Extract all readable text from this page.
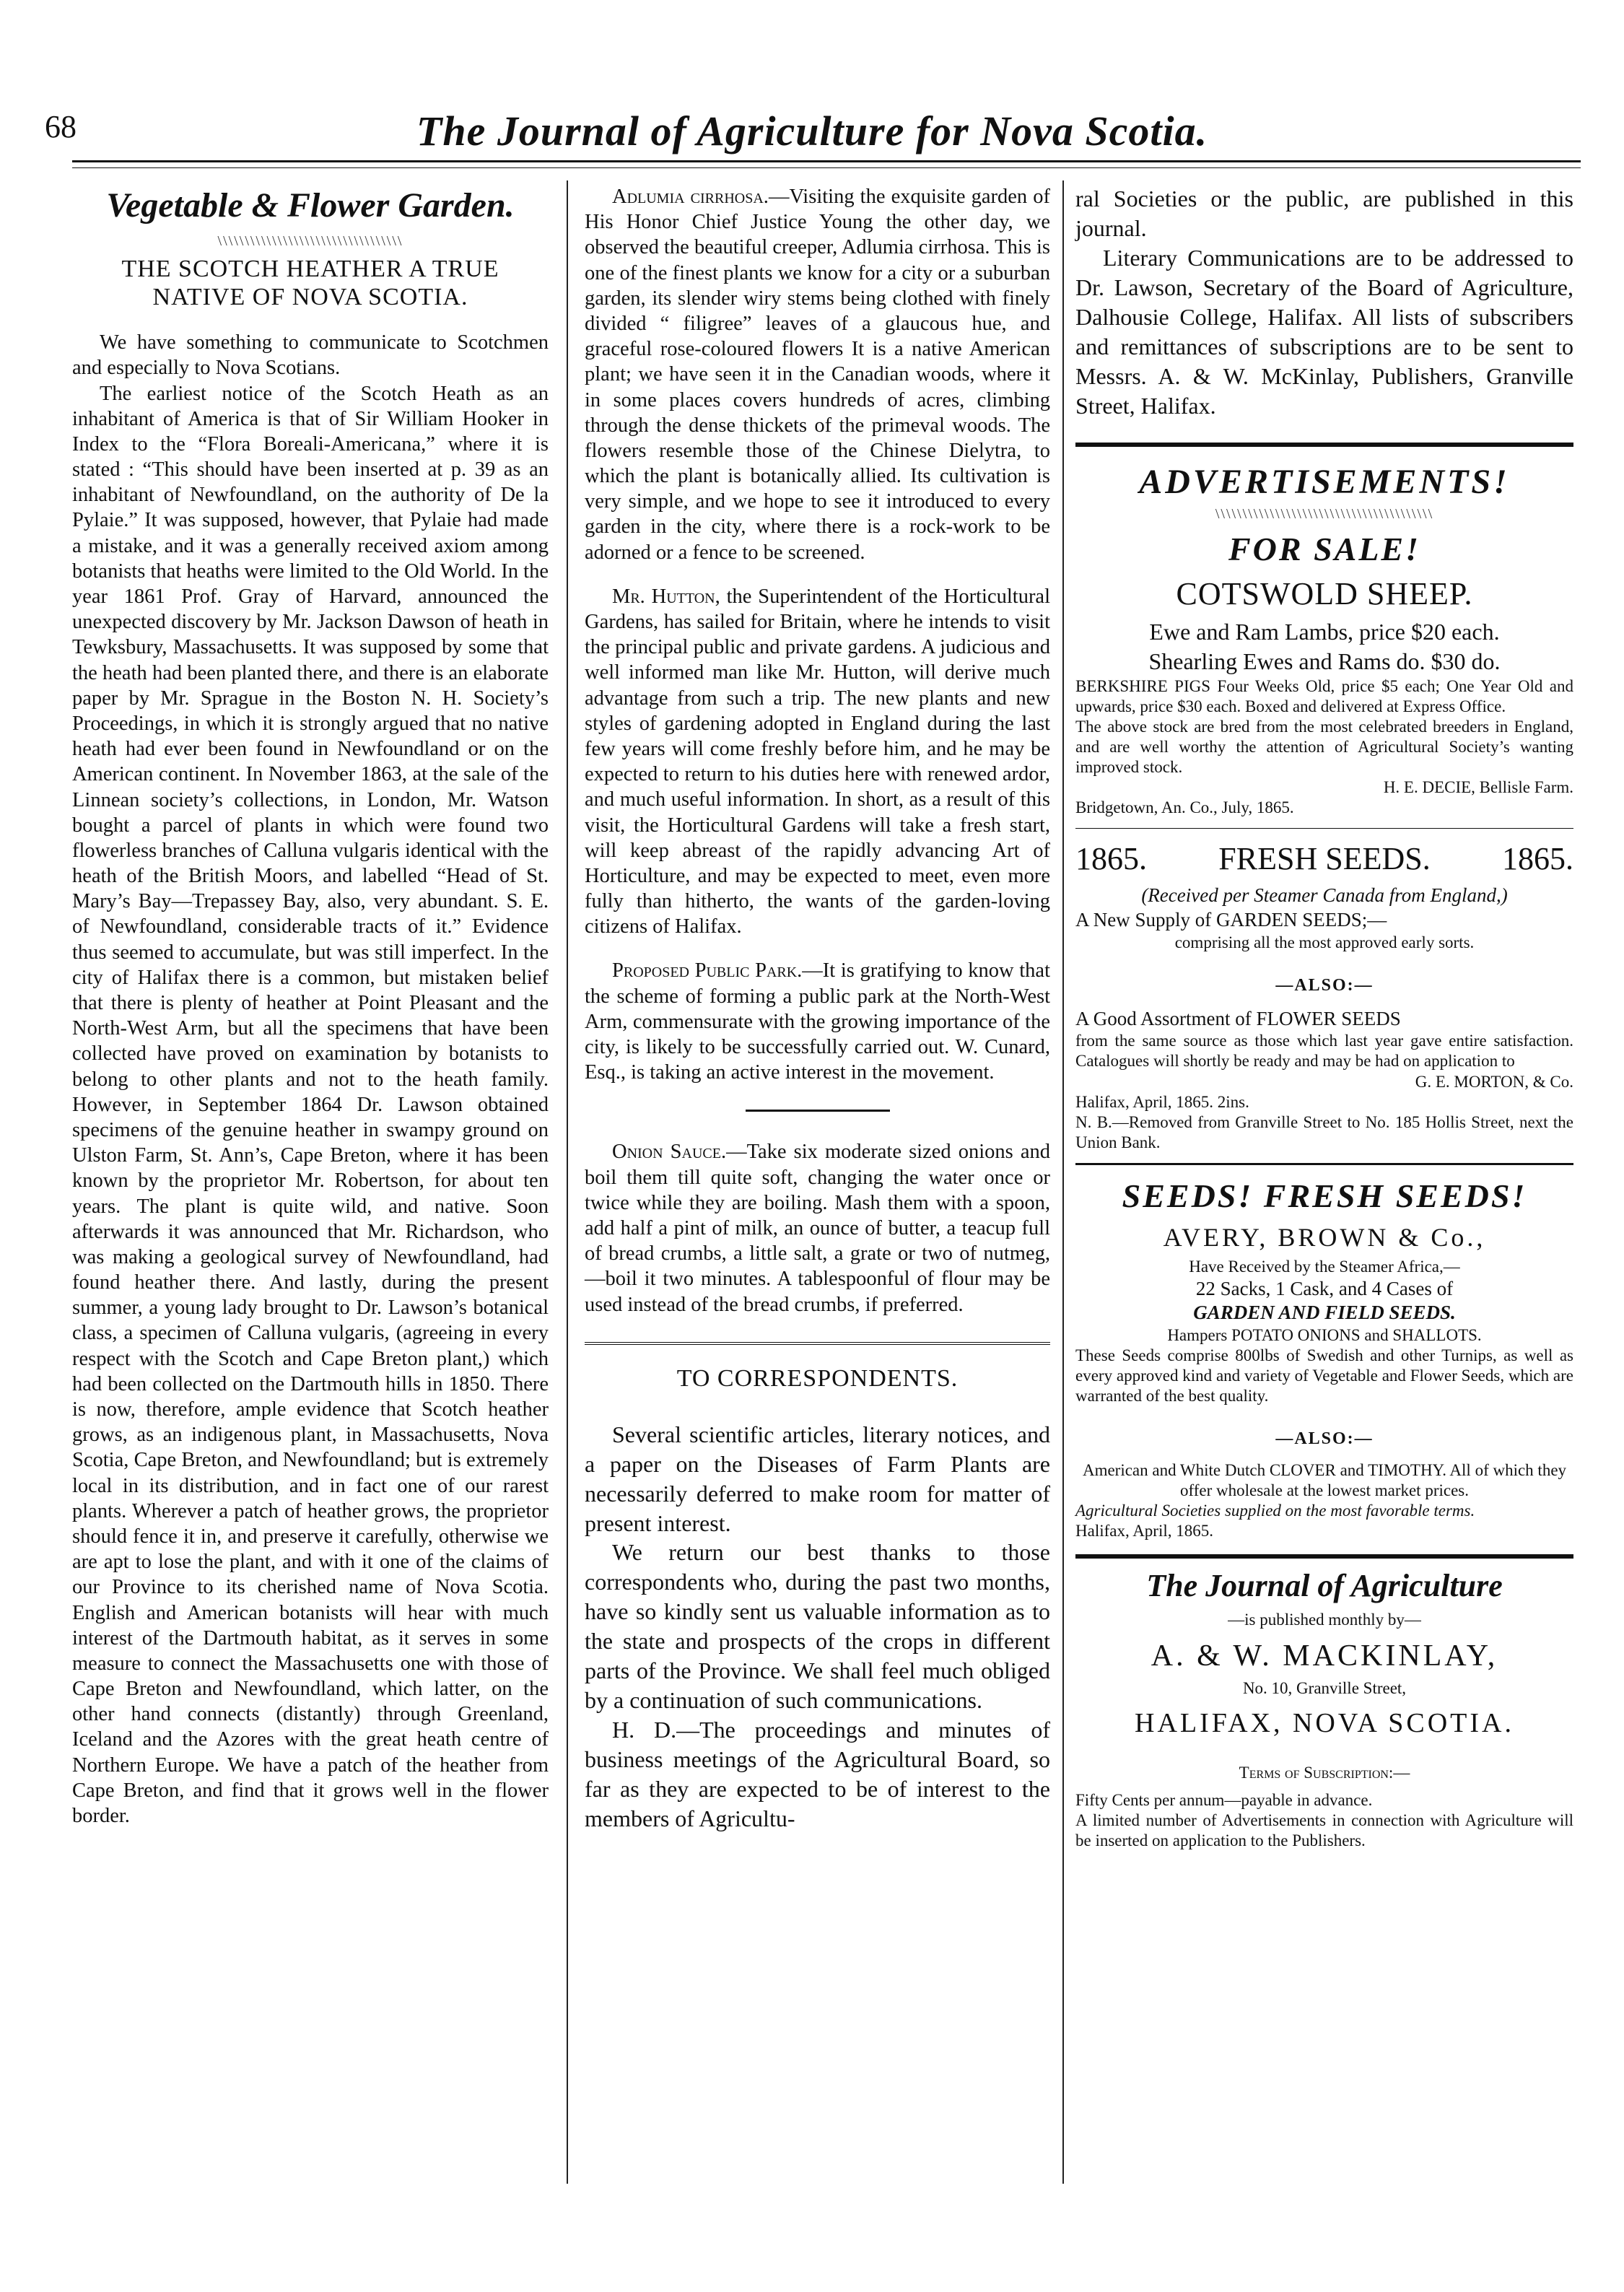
68	The Journal of Agriculture for Nova Scotia.
Vegetable & Flower Garden.
\\\\\\\\\\\\\\\\\\\\\\\\\\\\\\\\\\
THE SCOTCH HEATHER A TRUE
NATIVE OF NOVA SCOTIA.

We have something to communicate to Scotchmen and especially to Nova Scotians.

The earliest notice of the Scotch Heath as an inhabitant of America is that of Sir William Hooker in Index to the “Flora Boreali-Americana,” where it is stated : “This should have been inserted at p. 39 as an inhabitant of Newfoundland, on the authority of De la Pylaie.” It was supposed, however, that Pylaie had made a mistake, and it was a generally received axiom among botanists that heaths were limited to the Old World. In the year 1861 Prof. Gray of Harvard, announced the unexpected discovery by Mr. Jackson Dawson of heath in Tewksbury, Massachusetts. It was supposed by some that the heath had been planted there, and there is an elaborate paper by Mr. Sprague in the Boston N. H. Society’s Proceedings, in which it is strongly argued that no native heath had ever been found in Newfoundland or on the American continent. In November 1863, at the sale of the Linnean society’s collections, in London, Mr. Watson bought a parcel of plants in which were found two flowerless branches of Calluna vulgaris identical with the heath of the British Moors, and labelled “Head of St. Mary’s Bay—Trepassey Bay, also, very abundant. S. E. of Newfoundland, considerable tracts of it.” Evidence thus seemed to accumulate, but was still imperfect. In the city of Halifax there is a common, but mistaken belief that there is plenty of heather at Point Pleasant and the North-West Arm, but all the specimens that have been collected have proved on examination by botanists to belong to other plants and not to the heath family. However, in September 1864 Dr. Lawson obtained specimens of the genuine heather in swampy ground on Ulston Farm, St. Ann’s, Cape Breton, where it has been known by the proprietor Mr. Robertson, for about ten years. The plant is quite wild, and native. Soon afterwards it was announced that Mr. Richardson, who was making a geological survey of Newfoundland, had found heather there. And lastly, during the present summer, a young lady brought to Dr. Lawson’s botanical class, a specimen of Calluna vulgaris, (agreeing in every respect with the Scotch and Cape Breton plant,) which had been collected on the Dartmouth hills in 1850. There is now, therefore, ample evidence that Scotch heather grows, as an indigenous plant, in Massachusetts, Nova Scotia, Cape Breton, and Newfoundland; but is extremely local in its distribution, and in fact one of our rarest plants. Wherever a patch of heather grows, the proprietor should fence it in, and preserve it carefully, otherwise we are apt to lose the plant, and with it one of the claims of our Province to its cherished name of Nova Scotia. English and American botanists will hear with much interest of the Dartmouth habitat, as it serves in some measure to connect the Massachusetts one with those of Cape Breton and Newfoundland, which latter, on the other hand connects (distantly) through Greenland, Iceland and the Azores with the great heath centre of Northern Europe. We have a patch of the heather from Cape Breton, and find that it grows well in the flower border.

Adlumia cirrhosa.—Visiting the exquisite garden of His Honor Chief Justice Young the other day, we observed the beautiful creeper, Adlumia cirrhosa. This is one of the finest plants we know for a city or a suburban garden, its slender wiry stems being clothed with finely divided “ filigree” leaves of a glaucous hue, and graceful rose-coloured flowers It is a native American plant; we have seen it in the Canadian woods, where it in some places covers hundreds of acres, climbing through the dense thickets of the primeval woods. The flowers resemble those of the Chinese Dielytra, to which the plant is botanically allied. Its cultivation is very simple, and we hope to see it introduced to every garden in the city, where there is a rock-work to be adorned or a fence to be screened.

Mr. Hutton, the Superintendent of the Horticultural Gardens, has sailed for Britain, where he intends to visit the principal public and private gardens. A judicious and well informed man like Mr. Hutton, will derive much advantage from such a trip. The new plants and new styles of gardening adopted in England during the last few years will come freshly before him, and he may be expected to return to his duties here with renewed ardor, and much useful information. In short, as a result of this visit, the Horticultural Gardens will take a fresh start, will keep abreast of the rapidly advancing Art of Horticulture, and may be expected to meet, even more fully than hitherto, the wants of the garden-loving citizens of Halifax.

Proposed Public Park.—It is gratifying to know that the scheme of forming a public park at the North-West Arm, commensurate with the growing importance of the city, is likely to be successfully carried out. W. Cunard, Esq., is taking an active interest in the movement.

Onion Sauce.—Take six moderate sized onions and boil them till quite soft, changing the water once or twice while they are boiling. Mash them with a spoon, add half a pint of milk, an ounce of butter, a teacup full of bread crumbs, a little salt, a grate or two of nutmeg,—boil it two minutes. A tablespoonful of flour may be used instead of the bread crumbs, if preferred.

TO CORRESPONDENTS.

Several scientific articles, literary notices, and a paper on the Diseases of Farm Plants are necessarily deferred to make room for matter of present interest.

We return our best thanks to those correspondents who, during the past two months, have so kindly sent us valuable information as to the state and prospects of the crops in different parts of the Province. We shall feel much obliged by a continuation of such communications.

H. D.—The proceedings and minutes of business meetings of the Agricultural Board, so far as they are expected to be of interest to the members of Agricultu-

ral Societies or the public, are published in this journal.

Literary Communications are to be addressed to Dr. Lawson, Secretary of the Board of Agriculture, Dalhousie College, Halifax. All lists of subscribers and remittances of subscriptions are to be sent to Messrs. A. & W. McKinlay, Publishers, Granville Street, Halifax.

ADVERTISEMENTS!
\\\\\\\\\\\\\\\\\\\\\\\\\\\\\\\\\\\\\\\\
FOR SALE!
COTSWOLD SHEEP.
Ewe and Ram Lambs, price $20 each.
Shearling Ewes and Rams do. $30 do.
BERKSHIRE PIGS Four Weeks Old, price $5 each; One Year Old and upwards, price $30 each. Boxed and delivered at Express Office.
The above stock are bred from the most celebrated breeders in England, and are well worthy the attention of Agricultural Society’s wanting improved stock.
H. E. DECIE, Bellisle Farm.
Bridgetown, An. Co., July, 1865.
1865. FRESH SEEDS. 1865.
(Received per Steamer Canada from England,)
A New Supply of GARDEN SEEDS;—
comprising all the most approved early sorts.
—ALSO:—
A Good Assortment of FLOWER SEEDS
from the same source as those which last year gave entire satisfaction. Catalogues will shortly be ready and may be had on application to
G. E. MORTON, & Co.
Halifax, April, 1865. 2ins.
N. B.—Removed from Granville Street to No. 185 Hollis Street, next the Union Bank.
SEEDS! FRESH SEEDS!
AVERY, BROWN & Co.,
Have Received by the Steamer Africa,—
22 Sacks, 1 Cask, and 4 Cases of
GARDEN AND FIELD SEEDS.
Hampers POTATO ONIONS and SHALLOTS.
These Seeds comprise 800lbs of Swedish and other Turnips, as well as every approved kind and variety of Vegetable and Flower Seeds, which are warranted of the best quality.
—ALSO:—
American and White Dutch CLOVER and TIMOTHY. All of which they offer wholesale at the lowest market prices.
Agricultural Societies supplied on the most favorable terms.
Halifax, April, 1865.
The Journal of Agriculture
—is published monthly by—
A. & W. MACKINLAY,
No. 10, Granville Street,
HALIFAX, NOVA SCOTIA.
Terms of Subscription:—
Fifty Cents per annum—payable in advance.
A limited number of Advertisements in connection with Agriculture will be inserted on application to the Publishers.
